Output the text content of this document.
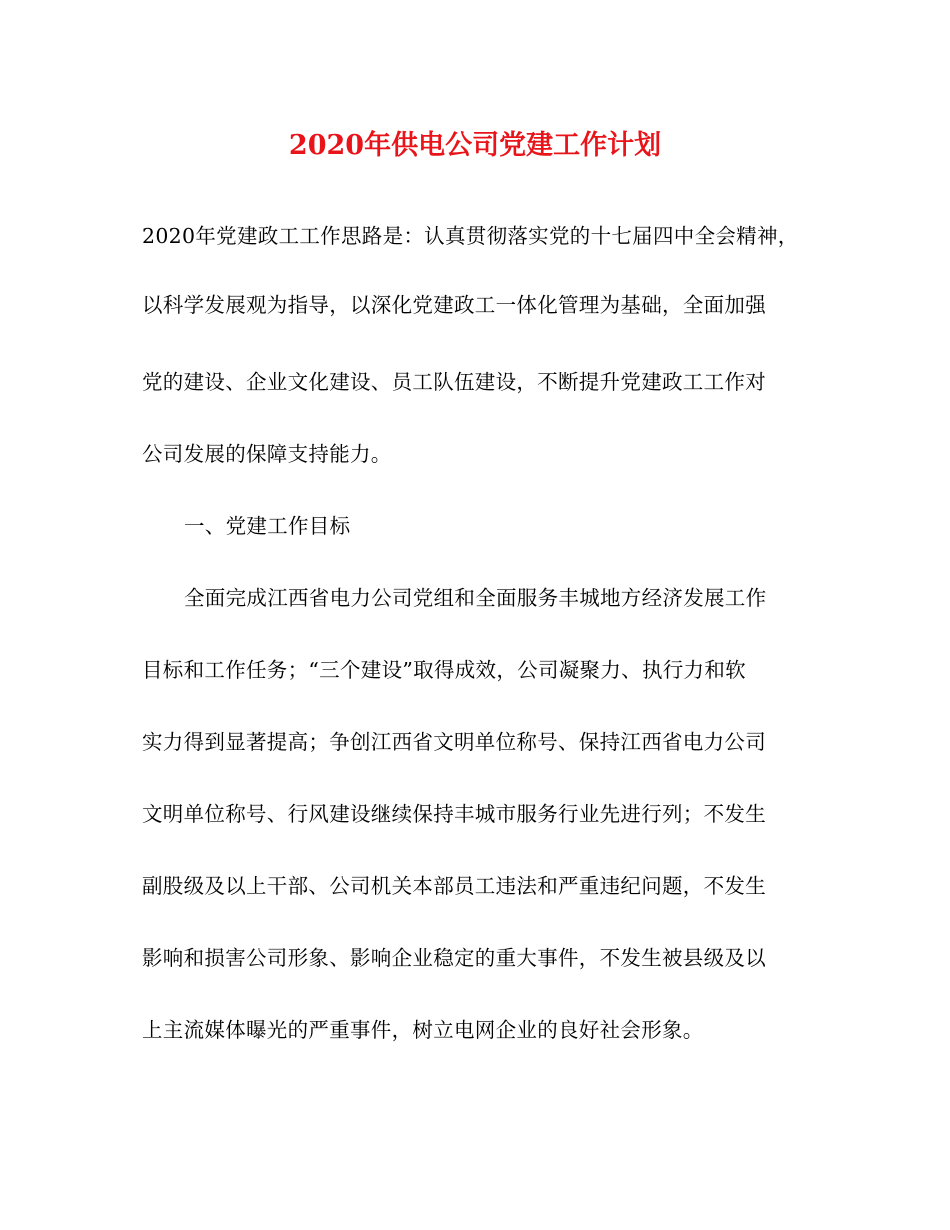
2020年供电公司党建工作计划
2020年党建政工工作思路是：认真贯彻落实党的十七届四中全会精神，
以科学发展观为指导，以深化党建政工一体化管理为基础，全面加强
党的建设、企业文化建设、员工队伍建设，不断提升党建政工工作对
公司发展的保障支持能力。
一、党建工作目标
全面完成江西省电力公司党组和全面服务丰城地方经济发展工作
目标和工作任务；“三个建设”取得成效，公司凝聚力、执行力和软
实力得到显著提高；争创江西省文明单位称号、保持江西省电力公司
文明单位称号、行风建设继续保持丰城市服务行业先进行列；不发生
副股级及以上干部、公司机关本部员工违法和严重违纪问题，不发生
影响和损害公司形象、影响企业稳定的重大事件，不发生被县级及以
上主流媒体曝光的严重事件，树立电网企业的良好社会形象。
